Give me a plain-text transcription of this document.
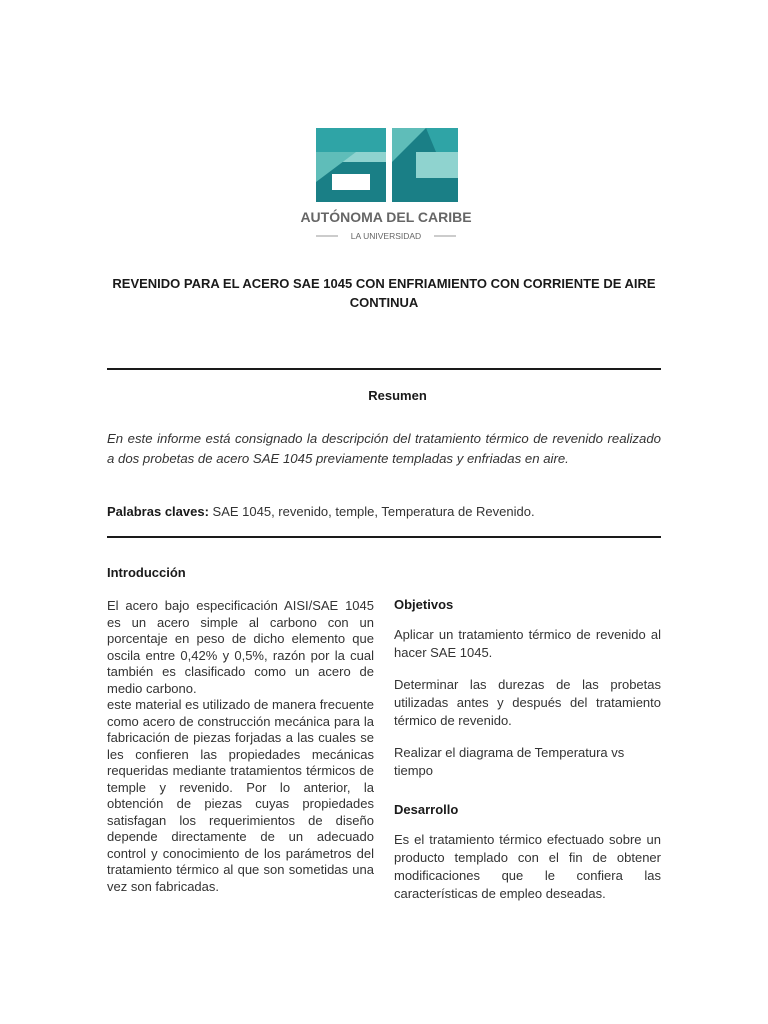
AUTÓNOMA DEL CARIBE
LA UNIVERSIDAD
REVENIDO PARA EL ACERO SAE 1045 CON ENFRIAMIENTO CON CORRIENTE DE AIRE CONTINUA
Resumen
En este informe está consignado la descripción del tratamiento térmico de revenido realizado a dos probetas de acero SAE 1045 previamente templadas y enfriadas en aire.
Palabras claves: SAE 1045, revenido, temple, Temperatura de Revenido.

Introducción

El acero bajo especificación AISI/SAE 1045 es un acero simple al carbono con un porcentaje en peso de dicho elemento que oscila entre 0,42% y 0,5%, razón por la cual también es clasificado como un acero de medio carbono.

este material es utilizado de manera frecuente como acero de construcción mecánica para la fabricación de piezas forjadas a las cuales se les confieren las propiedades mecánicas requeridas mediante tratamientos térmicos de temple y revenido. Por lo anterior, la obtención de piezas cuyas propiedades satisfagan los requerimientos de diseño depende directamente de un adecuado control y conocimiento de los parámetros del tratamiento térmico al que son sometidas una vez son fabricadas.

Objetivos

Aplicar un tratamiento térmico de revenido al hacer SAE 1045.

Determinar las durezas de las probetas utilizadas antes y después del tratamiento térmico de revenido.

Realizar el diagrama de Temperatura vs tiempo

Desarrollo

Es el tratamiento térmico efectuado sobre un producto templado con el fin de obtener modificaciones que le confiera las características de empleo deseadas.
